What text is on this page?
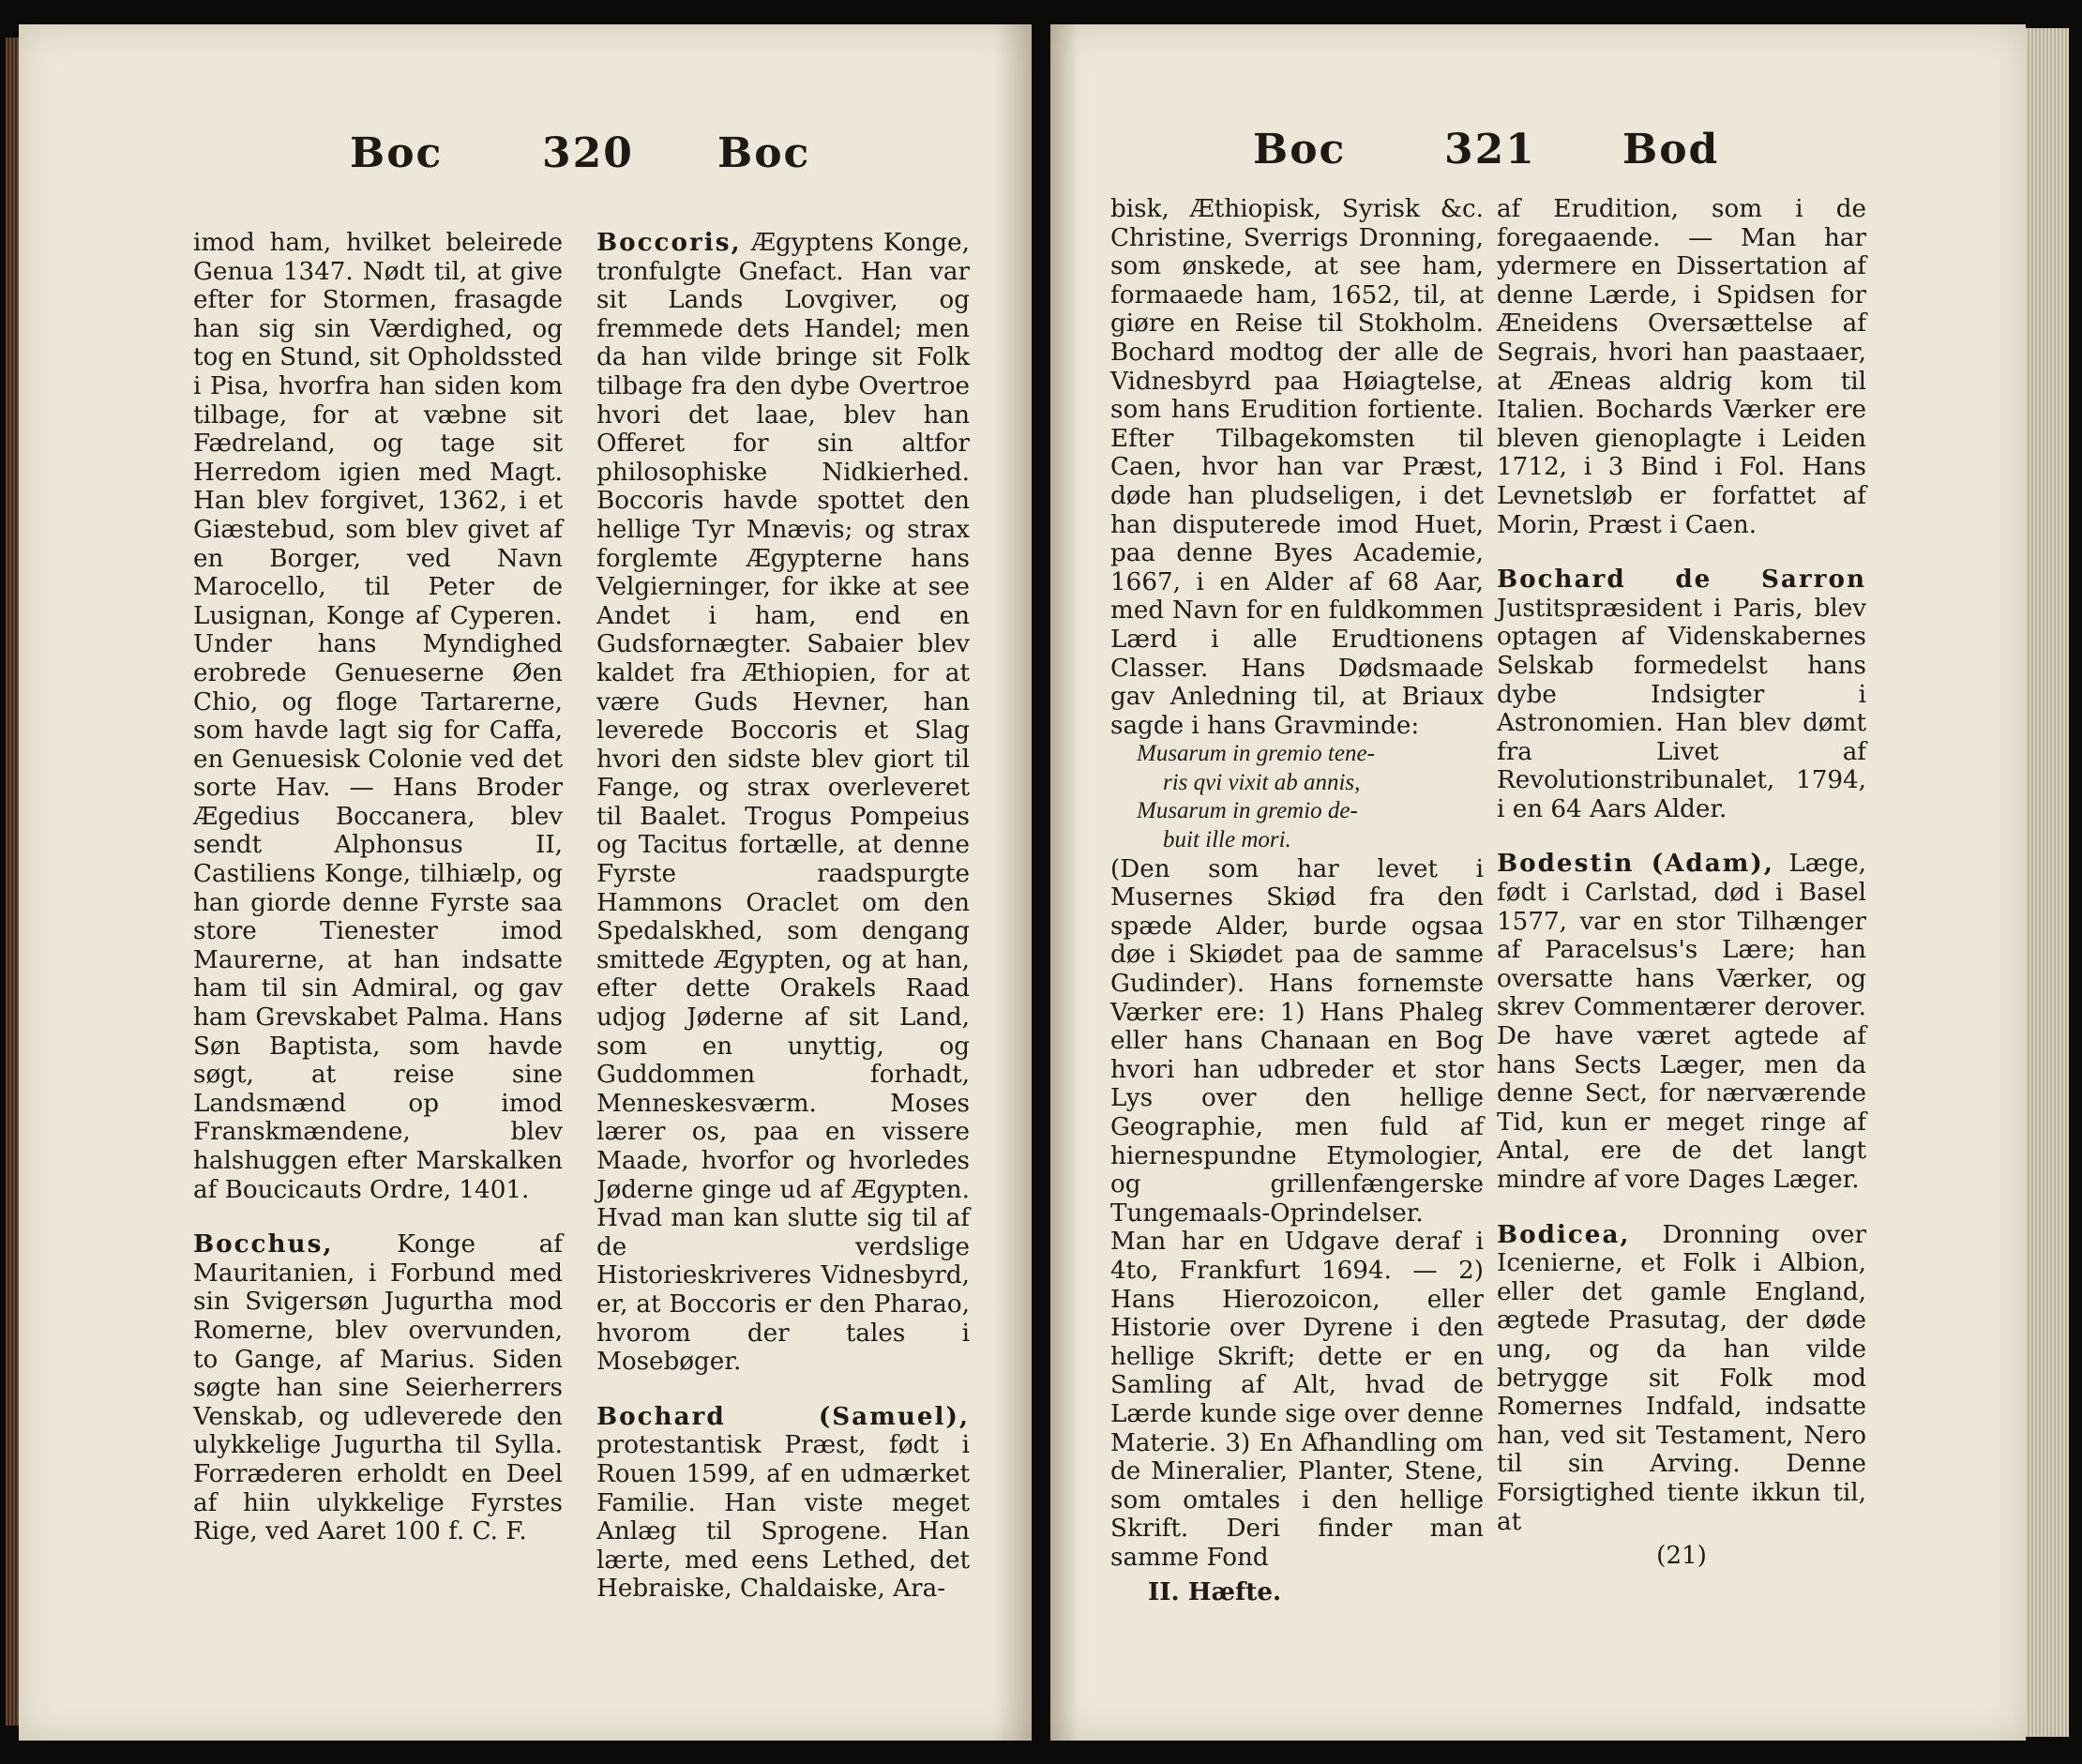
Boc 320 Boc

imod ham, hvilket beleirede Genua 1347. Nødt til, at give efter for Stormen, frasagde han sig sin Værdighed, og tog en Stund, sit Opholdssted i Pisa, hvorfra han siden kom tilbage, for at væbne sit Fædreland, og tage sit Herredom igien med Magt. Han blev forgivet, 1362, i et Giæstebud, som blev givet af en Borger, ved Navn Marocello, til Peter de Lusignan, Konge af Cyperen. Under hans Myndighed erobrede Genueserne Øen Chio, og floge Tartarerne, som havde lagt sig for Caffa, en Genuesisk Colonie ved det sorte Hav. — Hans Broder Ægedius Boccanera, blev sendt Alphonsus II, Castiliens Konge, tilhiælp, og han giorde denne Fyrste saa store Tienester imod Maurerne, at han indsatte ham til sin Admiral, og gav ham Grevskabet Palma. Hans Søn Baptista, som havde søgt, at reise sine Landsmænd op imod Franskmændene, blev halshuggen efter Marskalken af Boucicauts Ordre, 1401.

Bocchus,	Konge af Mauritanien, i Forbund med sin Svigersøn Jugurtha mod Romerne, blev overvunden, to Gange, af Marius. Siden søgte han sine Seierherrers Venskab, og udleverede den ulykkelige Jugurtha til Sylla. Forræderen erholdt en Deel af hiin ulykkelige Fyrstes Rige, ved Aaret 100 f. C. F.

Boccoris, Ægyptens Konge, tronfulgte Gnefact. Han var sit Lands Lovgiver, og fremmede dets Handel; men da han vilde bringe sit Folk tilbage fra den dybe Overtroe hvori det laae, blev han Offeret for sin altfor philosophiske Nidkierhed. Boccoris havde spottet den hellige Tyr Mnævis; og strax forglemte Ægypterne hans Velgierninger, for ikke at see Andet i ham, end en Gudsfornægter. Sabaier blev kaldet fra Æthiopien, for at være Guds Hevner, han leverede Boccoris et Slag hvori den sidste blev giort til Fange, og strax overleveret til Baalet. Trogus Pompeius og Tacitus fortælle, at denne Fyrste raadspurgte Hammons Oraclet om den Spedalskhed, som dengang smittede Ægypten, og at han, efter dette Orakels Raad udjog Jøderne af sit Land, som en unyttig, og Guddommen forhadt, Menneskesværm. Moses lærer os, paa en vissere Maade, hvorfor og hvorledes Jøderne ginge ud af Ægypten. Hvad man kan slutte sig til af de verdslige Historieskriveres Vidnesbyrd, er, at Boccoris er den Pharao, hvorom der tales i Mosebøger.

Bochard (Samuel), protestantisk Præst, født i Rouen 1599, af en udmærket Familie. Han viste meget Anlæg til Sprogene. Han lærte, med eens Lethed, det Hebraiske, Chaldaiske, Ara-

Boc 321 Bod

bisk, Æthiopisk, Syrisk &c. Christine, Sverrigs Dronning, som ønskede, at see ham, formaaede ham, 1652, til, at giøre en Reise til Stokholm. Bochard modtog der alle de Vidnesbyrd paa Høiagtelse, som hans Erudition fortiente. Efter Tilbagekomsten til Caen, hvor han var Præst, døde han pludseligen, i det han disputerede imod Huet, paa denne Byes Academie, 1667, i en Alder af 68 Aar, med Navn for en fuldkommen Lærd i alle Erudtionens Classer. Hans Dødsmaade gav Anledning til, at Briaux sagde i hans Gravminde:

Musarum in gremio tene-
ris qvi vixit ab annis,
Musarum in gremio de-
buit ille mori.

(Den som har levet i Musernes Skiød fra den spæde Alder, burde ogsaa døe i Skiødet paa de samme Gudinder). Hans fornemste Værker ere: 1) Hans Phaleg eller hans Chanaan en Bog hvori han udbreder et stor Lys over den hellige Geographie, men fuld af hiernespundne Etymologier, og grillenfængerske Tungemaals-Oprindelser. Man har en Udgave deraf i 4to, Frankfurt 1694. — 2) Hans Hierozoicon, eller Historie over Dyrene i den hellige Skrift; dette er en Samling af Alt, hvad de Lærde kunde sige over denne Materie. 3) En Afhandling om de Mineralier, Planter, Stene, som omtales i den hellige Skrift. Deri finder man samme Fond

II. Hæfte.

af Erudition, som i de foregaaende. — Man har ydermere en Dissertation af denne Lærde, i Spidsen for Æneidens Oversættelse af Segrais, hvori han paastaaer, at Æneas aldrig kom til Italien. Bochards Værker ere bleven gienoplagte i Leiden 1712, i 3 Bind i Fol. Hans Levnetsløb er forfattet af Morin, Præst i Caen.

Bochard de Sarron Justitspræsident i Paris, blev optagen af Videnskabernes Selskab formedelst hans dybe Indsigter i Astronomien. Han blev dømt fra Livet af Revolutionstribunalet, 1794, i en 64 Aars Alder.

Bodestin (Adam), Læge, født i Carlstad, død i Basel 1577, var en stor Tilhænger af Paracelsus's Lære; han oversatte hans Værker, og skrev Commentærer derover. De have været agtede af hans Sects Læger, men da denne Sect, for nærværende Tid, kun er meget ringe af Antal, ere de det langt mindre af vore Dages Læger.

Bodicea, Dronning over Icenierne, et Folk i Albion, eller det gamle England, ægtede Prasutag, der døde ung, og da han vilde betrygge sit Folk mod Romernes Indfald, indsatte han, ved sit Testament, Nero til sin Arving. Denne Forsigtighed tiente ikkun til, at

(21)
